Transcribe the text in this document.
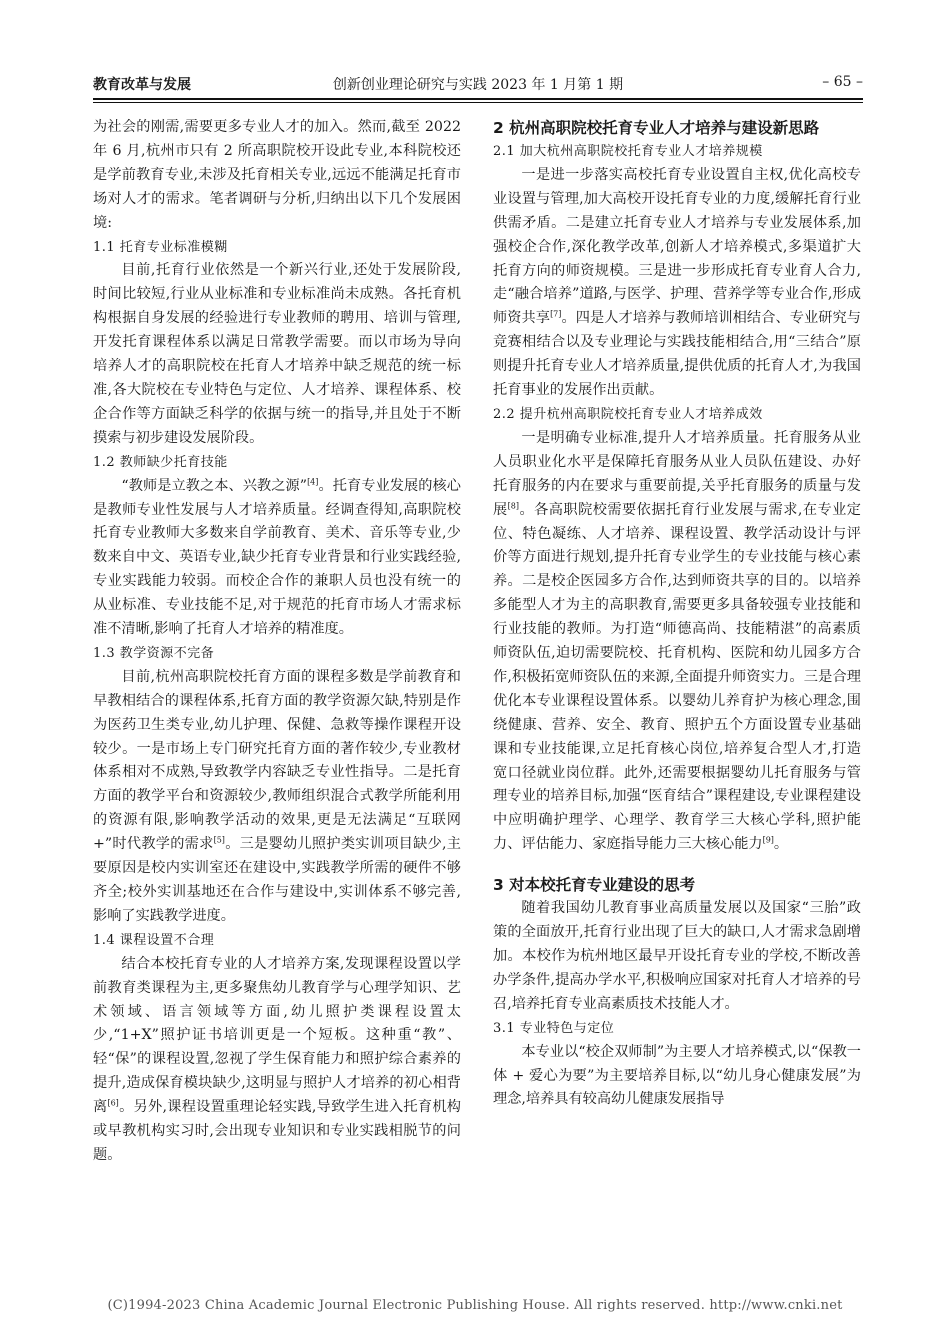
教育改革与发展	创新创业理论研究与实践 2023 年 1 月第 1 期	– 65 –

为社会的刚需,需要更多专业人才的加入。然而,截至 2022 年 6 月,杭州市只有 2 所高职院校开设此专业,本科院校还是学前教育专业,未涉及托育相关专业,远远不能满足托育市场对人才的需求。笔者调研与分析,归纳出以下几个发展困境:

1.1 托育专业标准模糊

目前,托育行业依然是一个新兴行业,还处于发展阶段,时间比较短,行业从业标准和专业标准尚未成熟。各托育机构根据自身发展的经验进行专业教师的聘用、培训与管理,开发托育课程体系以满足日常教学需要。而以市场为导向培养人才的高职院校在托育人才培养中缺乏规范的统一标准,各大院校在专业特色与定位、人才培养、课程体系、校企合作等方面缺乏科学的依据与统一的指导,并且处于不断摸索与初步建设发展阶段。

1.2 教师缺少托育技能

“教师是立教之本、兴教之源”[4]。托育专业发展的核心是教师专业性发展与人才培养质量。经调查得知,高职院校托育专业教师大多数来自学前教育、美术、音乐等专业,少数来自中文、英语专业,缺少托育专业背景和行业实践经验,专业实践能力较弱。而校企合作的兼职人员也没有统一的从业标准、专业技能不足,对于规范的托育市场人才需求标准不清晰,影响了托育人才培养的精准度。

1.3 教学资源不完备

目前,杭州高职院校托育方面的课程多数是学前教育和早教相结合的课程体系,托育方面的教学资源欠缺,特别是作为医药卫生类专业,幼儿护理、保健、急救等操作课程开设较少。一是市场上专门研究托育方面的著作较少,专业教材体系相对不成熟,导致教学内容缺乏专业性指导。二是托育方面的教学平台和资源较少,教师组织混合式教学所能利用的资源有限,影响教学活动的效果,更是无法满足“互联网 +”时代教学的需求[5]。三是婴幼儿照护类实训项目缺少,主要原因是校内实训室还在建设中,实践教学所需的硬件不够齐全;校外实训基地还在合作与建设中,实训体系不够完善,影响了实践教学进度。

1.4 课程设置不合理

结合本校托育专业的人才培养方案,发现课程设置以学前教育类课程为主,更多聚焦幼儿教育学与心理学知识、艺术领域、语言领域等方面,幼儿照护类课程设置太少,“1+X”照护证书培训更是一个短板。这种重“教”、轻“保”的课程设置,忽视了学生保育能力和照护综合素养的提升,造成保育模块缺少,这明显与照护人才培养的初心相背离[6]。另外,课程设置重理论轻实践,导致学生进入托育机构或早教机构实习时,会出现专业知识和专业实践相脱节的问题。

2 杭州高职院校托育专业人才培养与建设新思路
2.1 加大杭州高职院校托育专业人才培养规模

一是进一步落实高校托育专业设置自主权,优化高校专业设置与管理,加大高校开设托育专业的力度,缓解托育行业供需矛盾。二是建立托育专业人才培养与专业发展体系,加强校企合作,深化教学改革,创新人才培养模式,多渠道扩大托育方向的师资规模。三是进一步形成托育专业育人合力,走“融合培养”道路,与医学、护理、营养学等专业合作,形成师资共享[7]。四是人才培养与教师培训相结合、专业研究与竞赛相结合以及专业理论与实践技能相结合,用“三结合”原则提升托育专业人才培养质量,提供优质的托育人才,为我国托育事业的发展作出贡献。

2.2 提升杭州高职院校托育专业人才培养成效

一是明确专业标准,提升人才培养质量。托育服务从业人员职业化水平是保障托育服务从业人员队伍建设、办好托育服务的内在要求与重要前提,关乎托育服务的质量与发展[8]。各高职院校需要依据托育行业发展与需求,在专业定位、特色凝练、人才培养、课程设置、教学活动设计与评价等方面进行规划,提升托育专业学生的专业技能与核心素养。二是校企医园多方合作,达到师资共享的目的。以培养多能型人才为主的高职教育,需要更多具备较强专业技能和行业技能的教师。为打造“师德高尚、技能精湛”的高素质师资队伍,迫切需要院校、托育机构、医院和幼儿园多方合作,积极拓宽师资队伍的来源,全面提升师资实力。三是合理优化本专业课程设置体系。以婴幼儿养育护为核心理念,围绕健康、营养、安全、教育、照护五个方面设置专业基础课和专业技能课,立足托育核心岗位,培养复合型人才,打造宽口径就业岗位群。此外,还需要根据婴幼儿托育服务与管理专业的培养目标,加强“医育结合”课程建设,专业课程建设中应明确护理学、心理学、教育学三大核心学科,照护能力、评估能力、家庭指导能力三大核心能力[9]。

3 对本校托育专业建设的思考

随着我国幼儿教育事业高质量发展以及国家“三胎”政策的全面放开,托育行业出现了巨大的缺口,人才需求急剧增加。本校作为杭州地区最早开设托育专业的学校,不断改善办学条件,提高办学水平,积极响应国家对托育人才培养的号召,培养托育专业高素质技术技能人才。

3.1 专业特色与定位

本专业以“校企双师制”为主要人才培养模式,以“保教一体 + 爱心为要”为主要培养目标,以“幼儿身心健康发展”为理念,培养具有较高幼儿健康发展指导

(C)1994-2023 China Academic Journal Electronic Publishing House. All rights reserved. http://www.cnki.net
